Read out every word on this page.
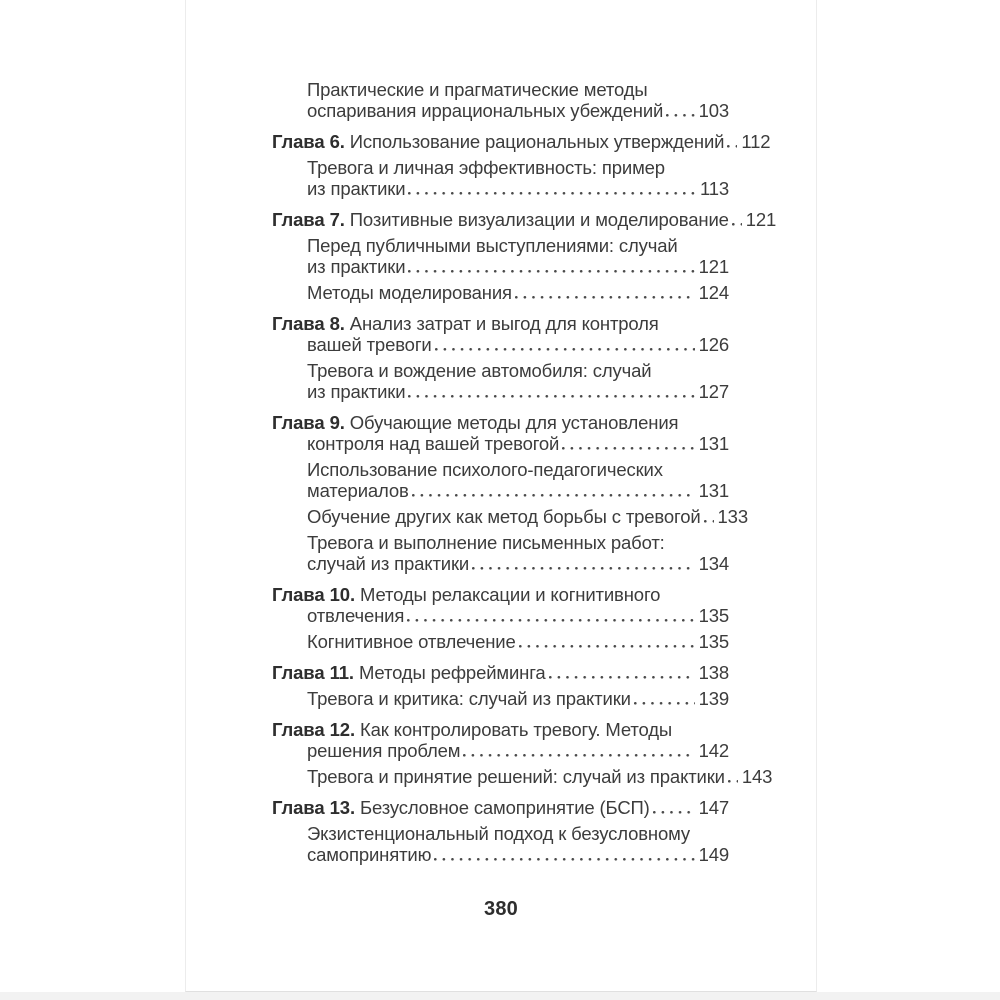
Практические и прагматические методы
оспаривания иррациональных убеждений 103
Глава 6. Использование рациональных утверждений 112
Тревога и личная эффективность: пример
из практики	113
Глава 7. Позитивные визуализации и моделирование 121
Перед публичными выступлениями: случай
из практики	121
Методы моделирования	124
Глава 8. Анализ затрат и выгод для контроля
вашей тревоги	126
Тревога и вождение автомобиля: случай
из практики	127
Глава 9. Обучающие методы для установления
контроля над вашей тревогой	131
Использование психолого-педагогических
материалов	131
Обучение других как метод борьбы с тревогой 133
Тревога и выполнение письменных работ:
случай из практики	134
Глава 10. Методы релаксации и когнитивного
отвлечения	135
Когнитивное отвлечение	135
Глава 11. Методы рефрейминга	138
Тревога и критика: случай из практики	139
Глава 12. Как контролировать тревогу. Методы
решения проблем	142
Тревога и принятие решений: случай из практики 143
Глава 13. Безусловное самопринятие (БСП)	147
Экзистенциональный подход к безусловному
самопринятию	149
380
